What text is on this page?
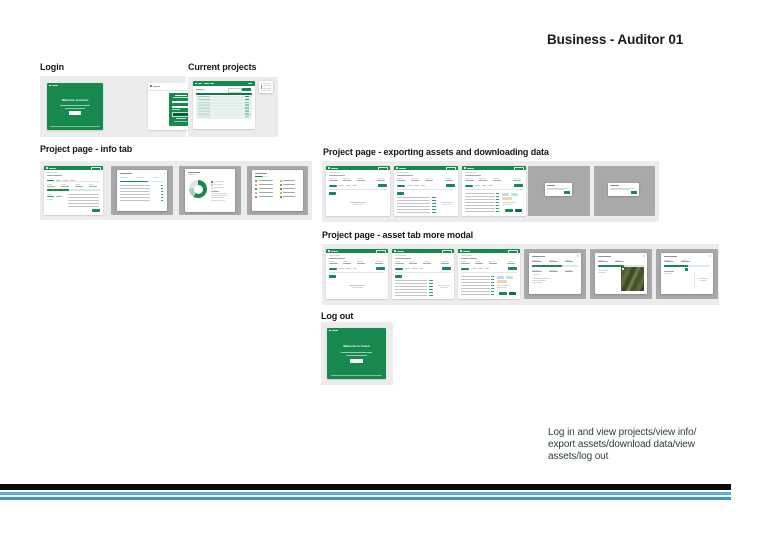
Business - Auditor 01
Login
Welcome to Caven
Current projects
Project page - info tab	Project page - exporting assets and downloading data
Project page - asset tab more modal
Log out
Welcome to Caven
Log in and view projects/view info/
export assets/download data/view
assets/log out
